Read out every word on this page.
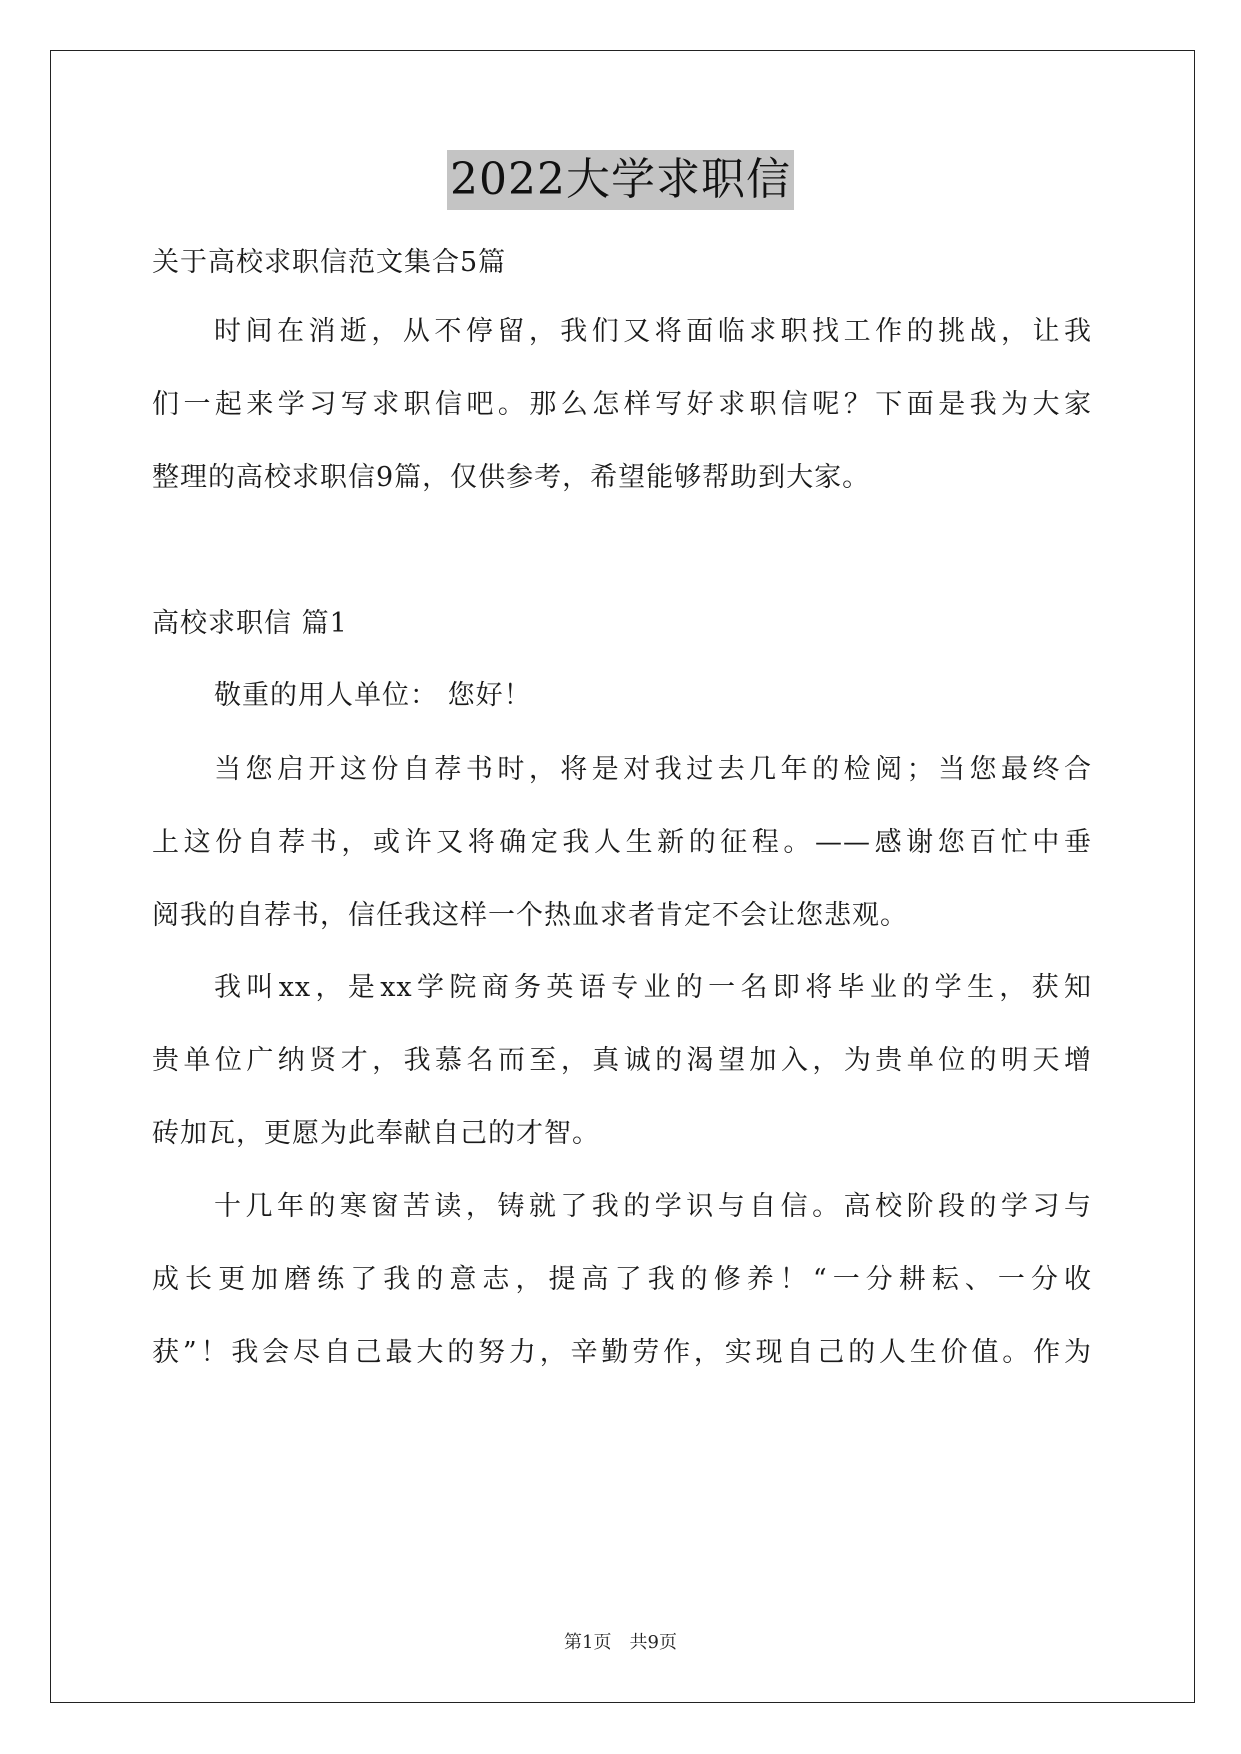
2022大学求职信
关于高校求职信范文集合5篇
时间在消逝，从不停留，我们又将面临求职找工作的挑战，让我
们一起来学习写求职信吧。那么怎样写好求职信呢？下面是我为大家
整理的高校求职信9篇，仅供参考，希望能够帮助到大家。
高校求职信 篇1
敬重的用人单位： 您好！
当您启开这份自荐书时，将是对我过去几年的检阅；当您最终合
上这份自荐书，或许又将确定我人生新的征程。——感谢您百忙中垂
阅我的自荐书，信任我这样一个热血求者肯定不会让您悲观。
我叫xx，是xx学院商务英语专业的一名即将毕业的学生，获知
贵单位广纳贤才，我慕名而至，真诚的渴望加入，为贵单位的明天增
砖加瓦，更愿为此奉献自己的才智。
十几年的寒窗苦读，铸就了我的学识与自信。高校阶段的学习与
成长更加磨练了我的意志，提高了我的修养！“一分耕耘、一分收
获”！我会尽自己最大的努力，辛勤劳作，实现自己的人生价值。作为
第1页　共9页
